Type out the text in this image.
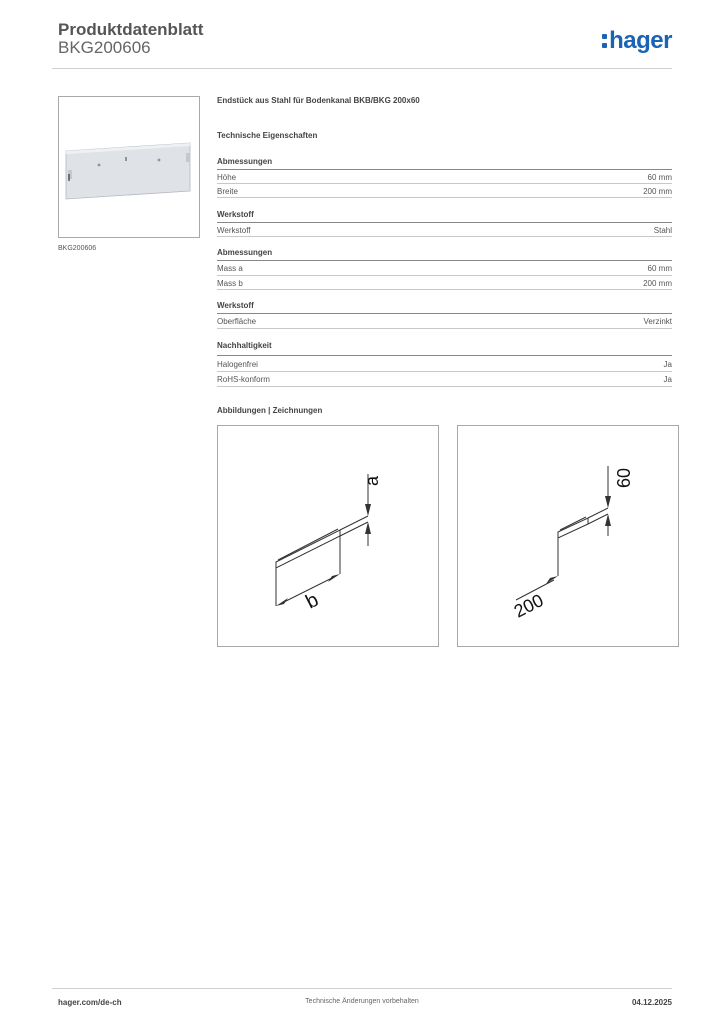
Produktdatenblatt
BKG200606	hager
BKG200606
Endstück aus Stahl für Bodenkanal BKB/BKG 200x60
Technische Eigenschaften
Abmessungen
Höhe	60 mm
Breite	200 mm
Werkstoff
Werkstoff	Stahl
Abmessungen
Mass a	60 mm
Mass b	200 mm
Werkstoff
Oberfläche	Verzinkt
Nachhaltigkeit
Halogenfrei	Ja
RoHS-konform	Ja
Abbildungen | Zeichnungen
a
b
60
200
hager.com/de-ch	Technische Änderungen vorbehalten	04.12.2025
